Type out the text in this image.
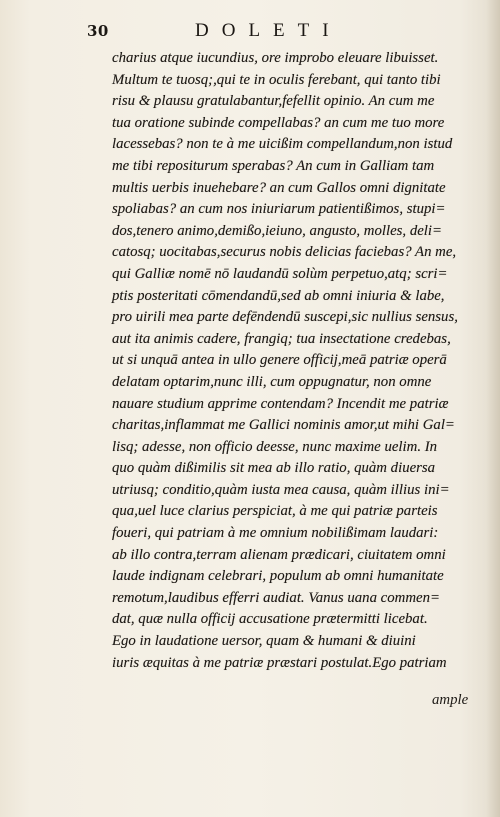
30	DOLETI
charius atque iucundius, ore improbo eleuare libuisset.
Multum te tuosq;,qui te in oculis ferebant, qui tanto tibi
risu & plausu gratulabantur,fefellit opinio. An cum me
tua oratione subinde compellabas? an cum me tuo more
lacessebas? non te à me uicißim compellandum,non istud
me tibi repositurum sperabas? An cum in Galliam tam
multis uerbis inuehebare? an cum Gallos omni dignitate
spoliabas? an cum nos iniuriarum patientißimos, stupi=
dos,tenero animo,demißo,ieiuno, angusto, molles, deli=
catosq; uocitabas,securus nobis delicias faciebas? An me,
qui Galliæ nomē nō laudandū solùm perpetuo,atq; scri=
ptis posteritati cōmendandū,sed ab omni iniuria & labe,
pro uirili mea parte defēndendū suscepi,sic nullius sensus,
aut ita animis cadere, frangiq; tua insectatione credebas,
ut si unquā antea in ullo genere officij,meā patriæ operā
delatam optarim,nunc illi, cum oppugnatur, non omne
nauare studium apprime contendam? Incendit me patriæ
charitas,inflammat me Gallici nominis amor,ut mihi Gal=
lisq; adesse, non officio deesse, nunc maxime uelim. In
quo quàm dißimilis sit mea ab illo ratio, quàm diuersa
utriusq; conditio,quàm iusta mea causa, quàm illius ini=
qua,uel luce clarius perspiciat, à me qui patriæ parteis
foueri, qui patriam à me omnium nobilißimam laudari:
ab illo contra,terram alienam prædicari, ciuitatem omni
laude indignam celebrari, populum ab omni humanitate
remotum,laudibus efferri audiat. Vanus uana commen=
dat, quæ nulla officij accusatione prætermitti licebat.
Ego in laudatione uersor, quam & humani & diuini
iuris æquitas à me patriæ præstari postulat.Ego patriam
ample
